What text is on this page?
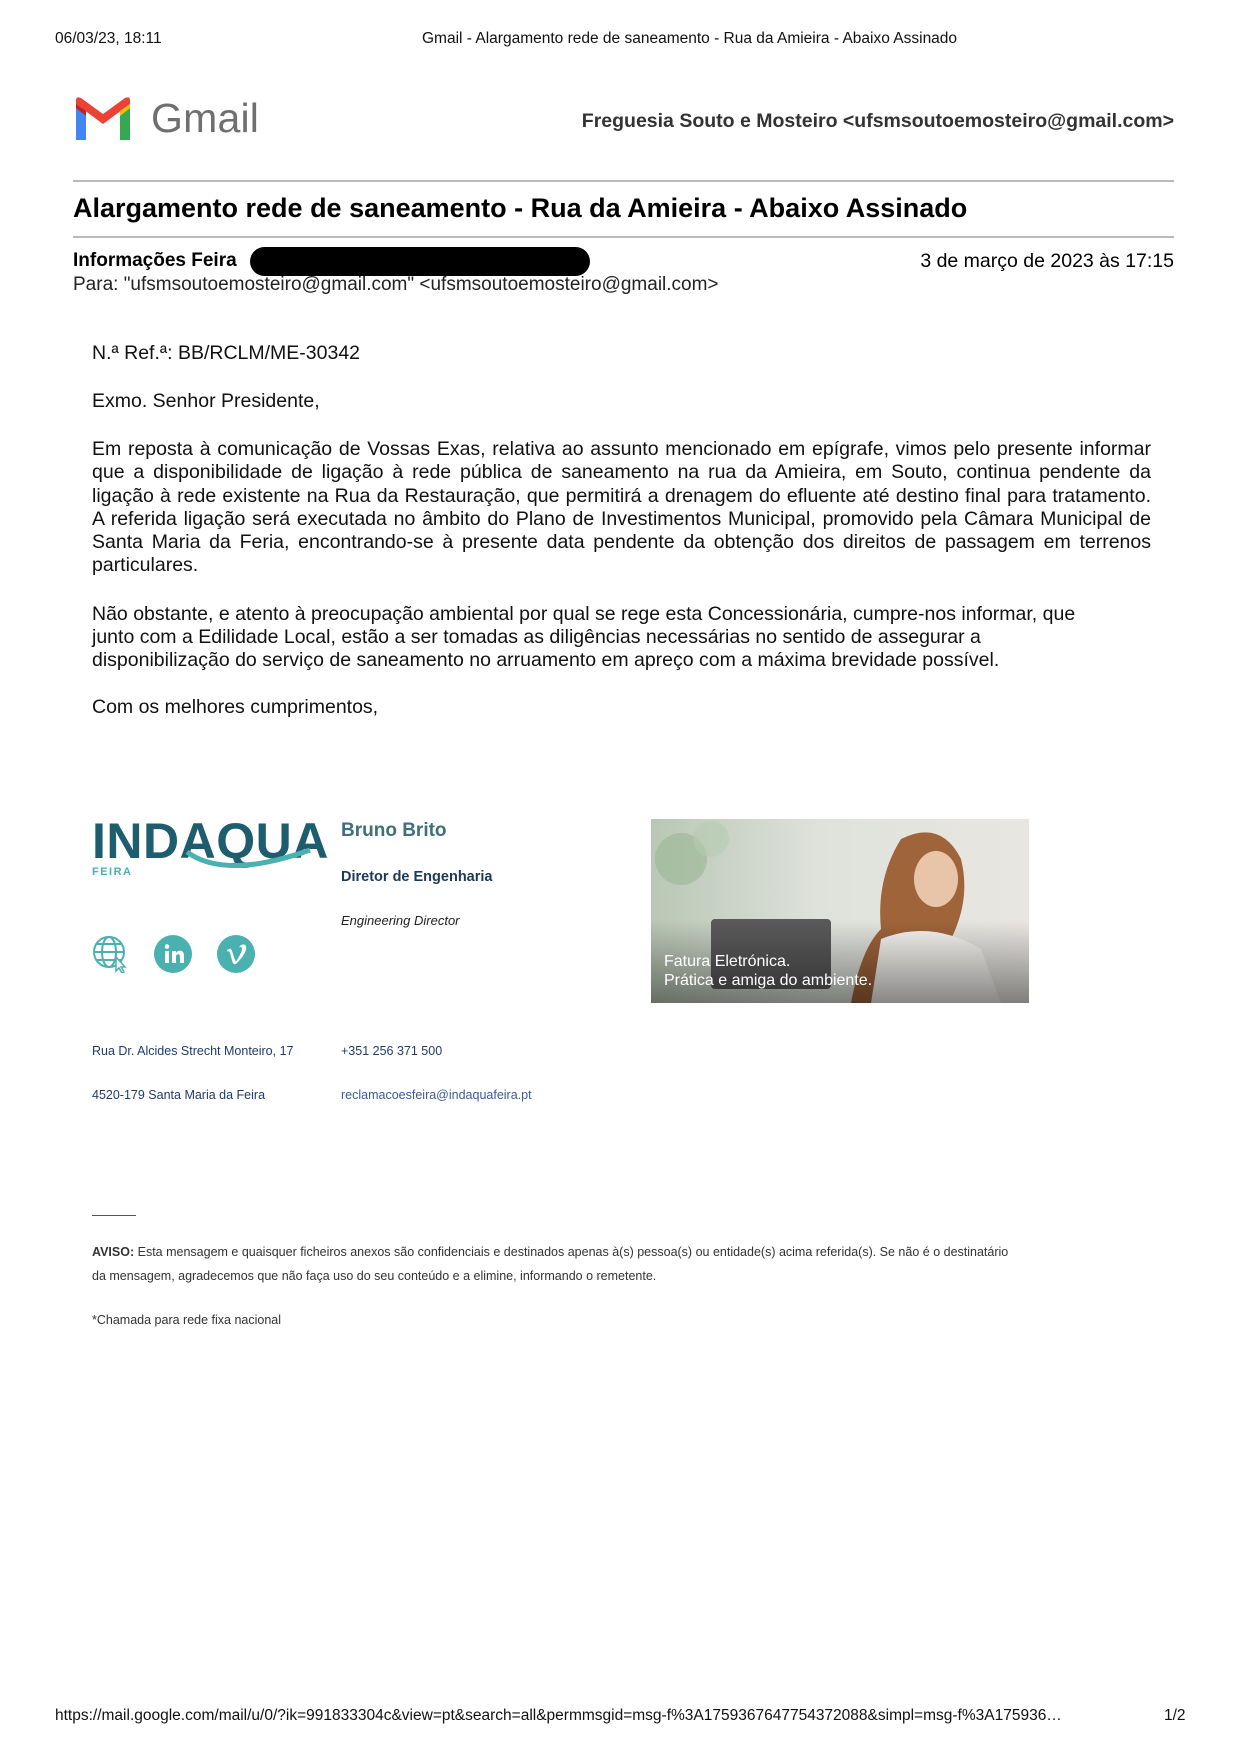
06/03/23, 18:11	Gmail - Alargamento rede de saneamento - Rua da Amieira - Abaixo Assinado
Gmail	Freguesia Souto e Mosteiro <ufsmsoutoemosteiro@gmail.com>
Alargamento rede de saneamento - Rua da Amieira - Abaixo Assinado
Informações Feira	3 de março de 2023 às 17:15
Para: "ufsmsoutoemosteiro@gmail.com" <ufsmsoutoemosteiro@gmail.com>
N.ª Ref.ª: BB/RCLM/ME-30342
Exmo. Senhor Presidente,
Em reposta à comunicação de Vossas Exas, relativa ao assunto mencionado em epígrafe, vimos pelo presente informar que a disponibilidade de ligação à rede pública de saneamento na rua da Amieira, em Souto, continua pendente da ligação à rede existente na Rua da Restauração, que permitirá a drenagem do efluente até destino final para tratamento. A referida ligação será executada no âmbito do Plano de Investimentos Municipal, promovido pela Câmara Municipal de Santa Maria da Feria, encontrando-se à presente data pendente da obtenção dos direitos de passagem em terrenos particulares.
Não obstante, e atento à preocupação ambiental por qual se rege esta Concessionária, cumpre-nos informar, que
junto com a Edilidade Local, estão a ser tomadas as diligências necessárias no sentido de assegurar a
disponibilização do serviço de saneamento no arruamento em apreço com a máxima brevidade possível.
Com os melhores cumprimentos,
INDAQUA
FEIRA
Bruno Brito
Diretor de Engenharia
Engineering Director
Fatura Eletrónica.
Prática e amiga do ambiente.
Rua Dr. Alcides Strecht Monteiro, 17
4520-179 Santa Maria da Feira
+351 256 371 500
reclamacoesfeira@indaquafeira.pt
AVISO: Esta mensagem e quaisquer ficheiros anexos são confidenciais e destinados apenas à(s) pessoa(s) ou entidade(s) acima referida(s). Se não é o destinatário
da mensagem, agradecemos que não faça uso do seu conteúdo e a elimine, informando o remetente.
*Chamada para rede fixa nacional
https://mail.google.com/mail/u/0/?ik=991833304c&view=pt&search=all&permmsgid=msg-f%3A1759367647754372088&simpl=msg-f%3A175936…	1/2
